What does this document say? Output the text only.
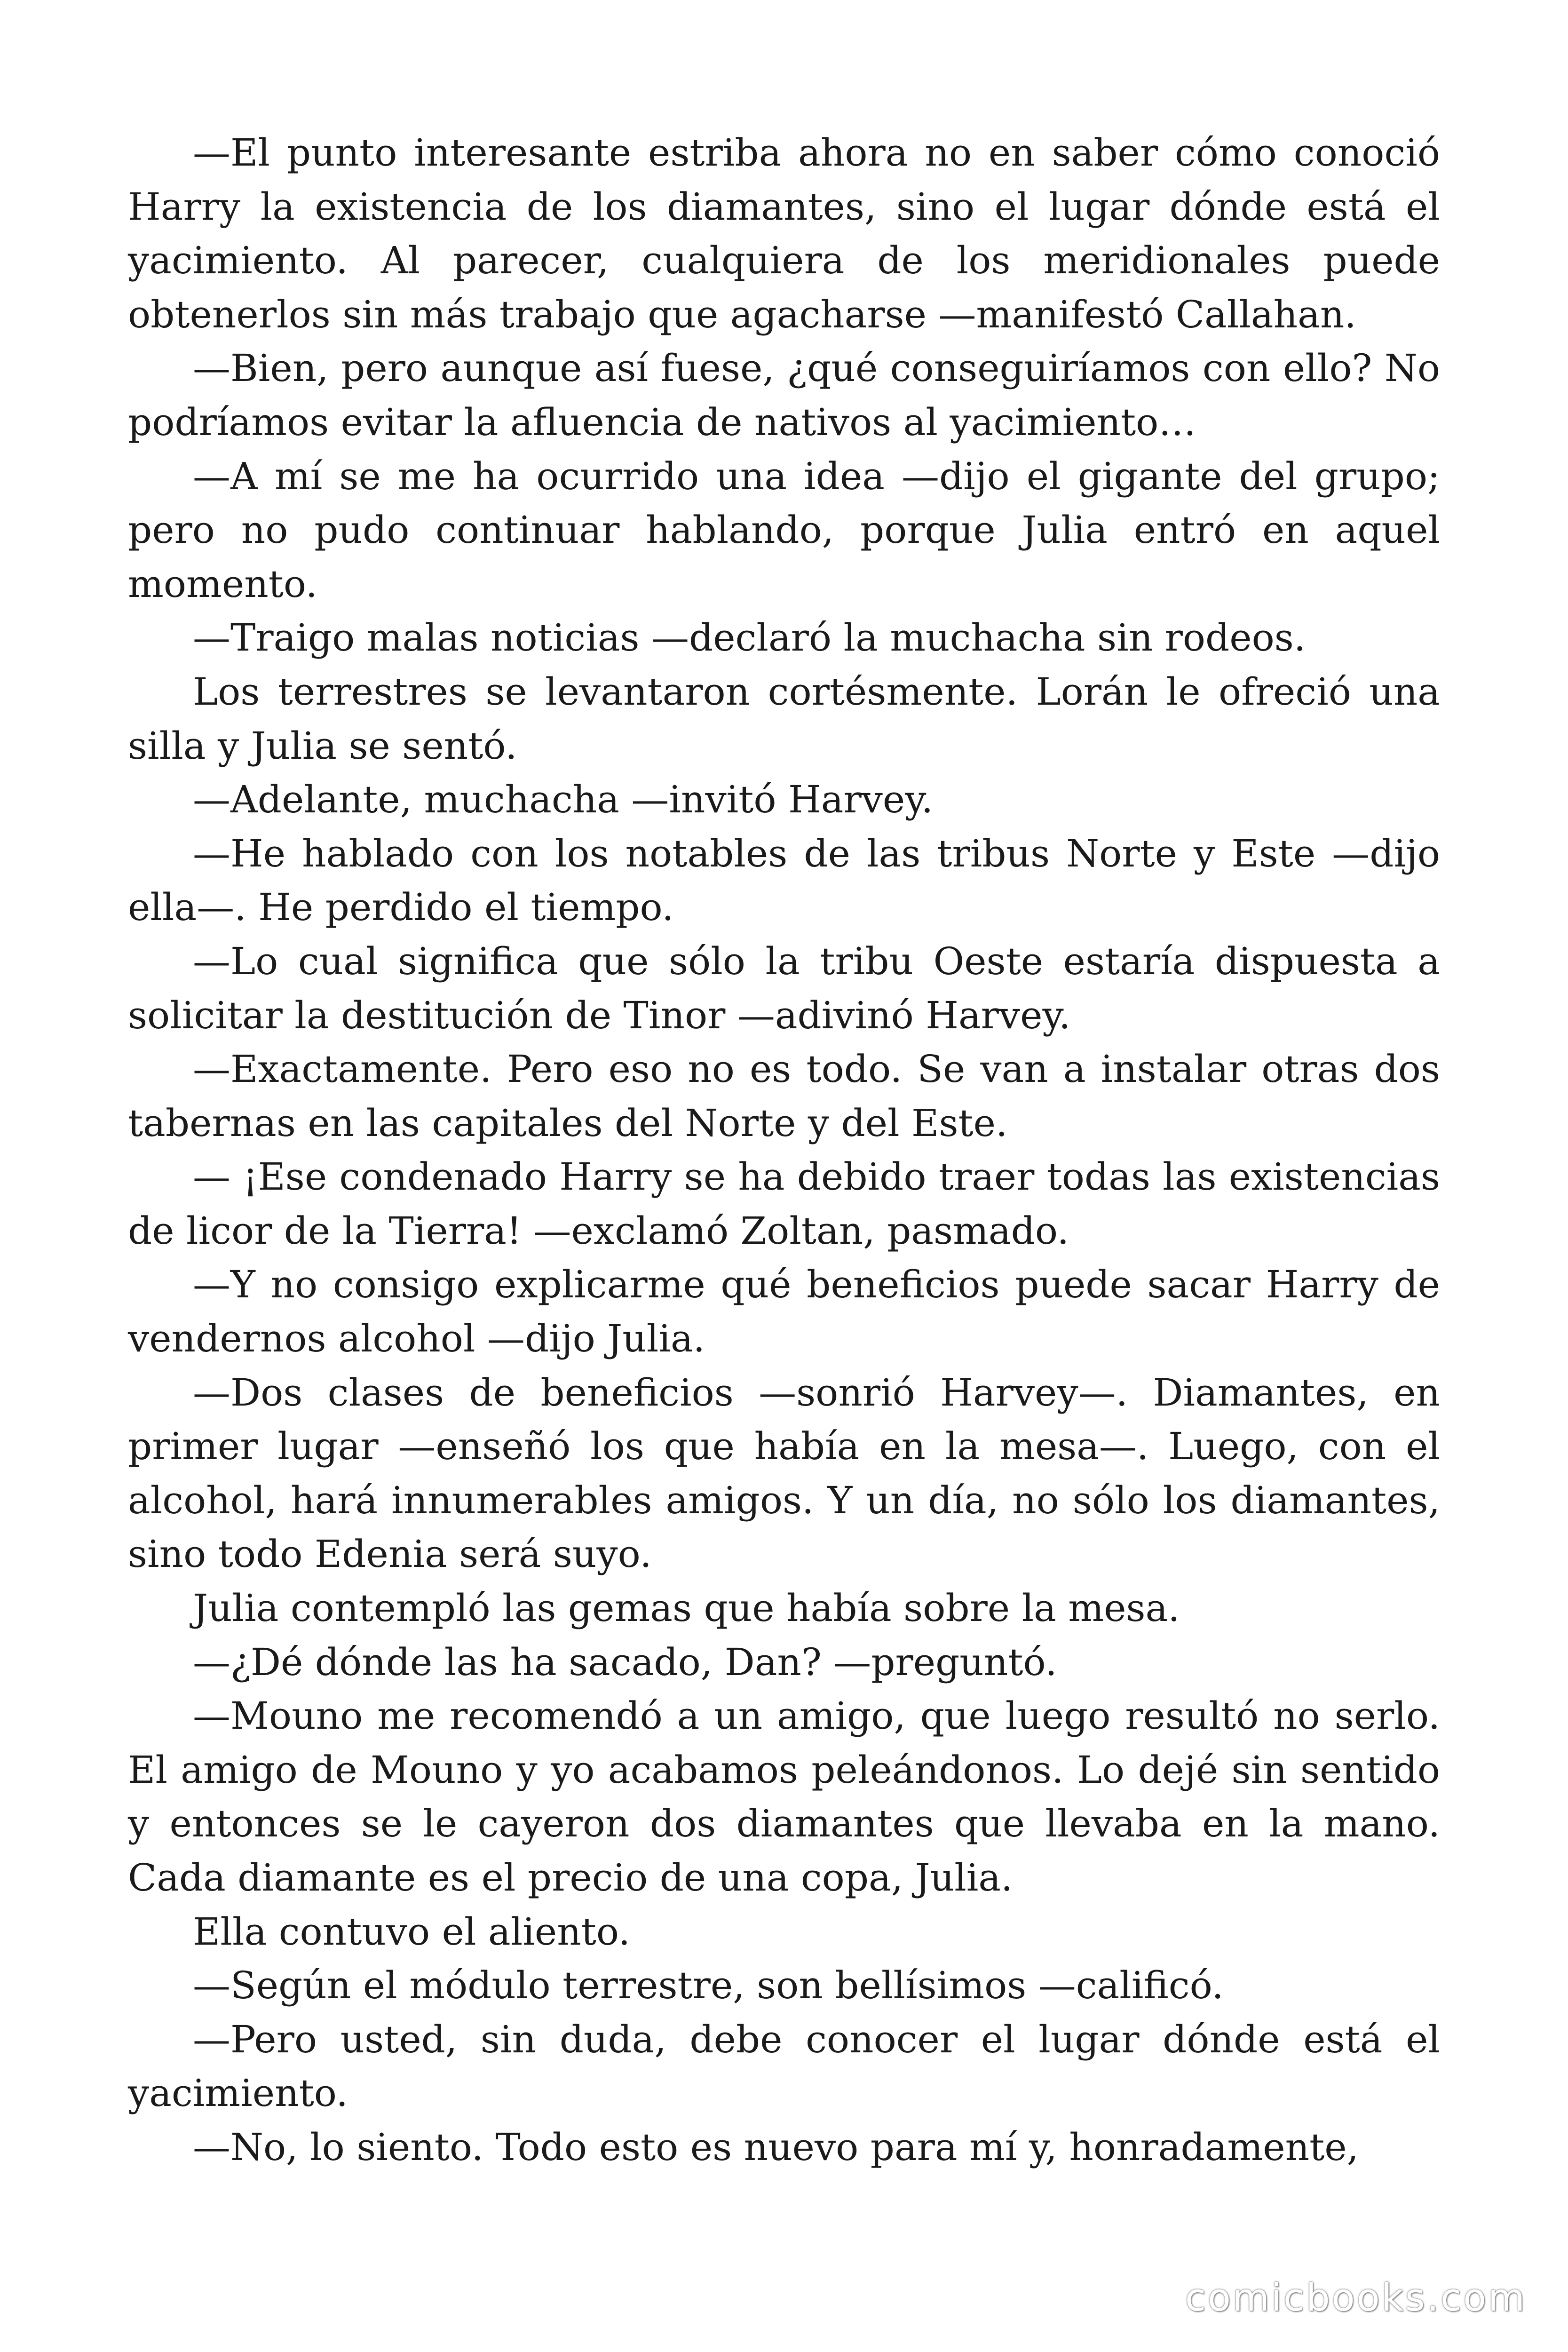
—El punto interesante estriba ahora no en saber cómo conoció Harry la existencia de los diamantes, sino el lugar dónde está el yacimiento. Al parecer, cualquiera de los meridionales puede obtenerlos sin más trabajo que agacharse —manifestó Callahan.

—Bien, pero aunque así fuese, ¿qué conseguiríamos con ello? No podríamos evitar la afluencia de nativos al yacimiento…

—A mí se me ha ocurrido una idea —dijo el gigante del grupo; pero no pudo continuar hablando, porque Julia entró en aquel momento.

—Traigo malas noticias —declaró la muchacha sin rodeos.

Los terrestres se levantaron cortésmente. Lorán le ofreció una silla y Julia se sentó.

—Adelante, muchacha —invitó Harvey.

—He hablado con los notables de las tribus Norte y Este —dijo ella—. He perdido el tiempo.

—Lo cual significa que sólo la tribu Oeste estaría dispuesta a solicitar la destitución de Tinor —adivinó Harvey.

—Exactamente. Pero eso no es todo. Se van a instalar otras dos tabernas en las capitales del Norte y del Este.

— ¡Ese condenado Harry se ha debido traer todas las existencias de licor de la Tierra! —exclamó Zoltan, pasmado.

—Y no consigo explicarme qué beneficios puede sacar Harry de vendernos alcohol —dijo Julia.

—Dos clases de beneficios —sonrió Harvey—. Diamantes, en primer lugar —enseñó los que había en la mesa—. Luego, con el alcohol, hará innumerables amigos. Y un día, no sólo los diamantes, sino todo Edenia será suyo.

Julia contempló las gemas que había sobre la mesa.

—¿Dé dónde las ha sacado, Dan? —preguntó.

—Mouno me recomendó a un amigo, que luego resultó no serlo. El amigo de Mouno y yo acabamos peleándonos. Lo dejé sin sentido y entonces se le cayeron dos diamantes que llevaba en la mano. Cada diamante es el precio de una copa, Julia.

Ella contuvo el aliento.

—Según el módulo terrestre, son bellísimos —calificó.

—Pero usted, sin duda, debe conocer el lugar dónde está el yacimiento.

—No, lo siento. Todo esto es nuevo para mí y, honradamente,

comicbooks.com
